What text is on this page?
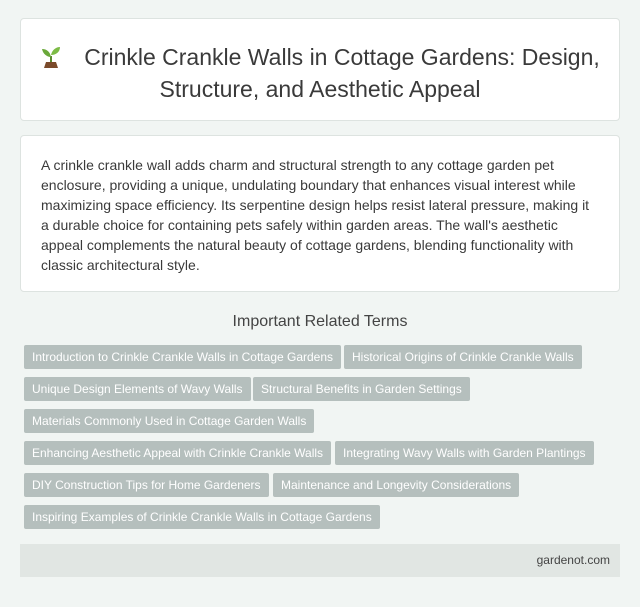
Crinkle Crankle Walls in Cottage Gardens: Design, Structure, and Aesthetic Appeal
A crinkle crankle wall adds charm and structural strength to any cottage garden pet enclosure, providing a unique, undulating boundary that enhances visual interest while maximizing space efficiency. Its serpentine design helps resist lateral pressure, making it a durable choice for containing pets safely within garden areas. The wall's aesthetic appeal complements the natural beauty of cottage gardens, blending functionality with classic architectural style.
Important Related Terms
Introduction to Crinkle Crankle Walls in Cottage Gardens	Historical Origins of Crinkle Crankle Walls
Unique Design Elements of Wavy Walls	Structural Benefits in Garden Settings
Materials Commonly Used in Cottage Garden Walls
Enhancing Aesthetic Appeal with Crinkle Crankle Walls	Integrating Wavy Walls with Garden Plantings
DIY Construction Tips for Home Gardeners	Maintenance and Longevity Considerations
Inspiring Examples of Crinkle Crankle Walls in Cottage Gardens
gardenot.com
